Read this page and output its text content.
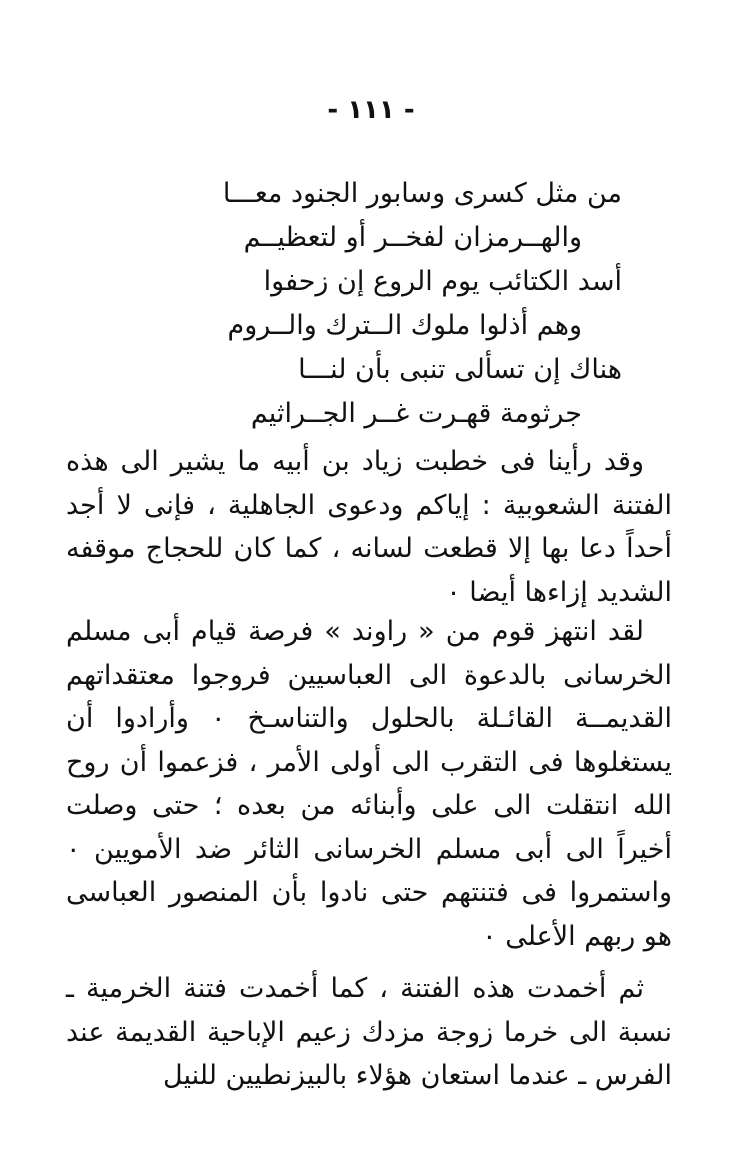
- ١١١ -
من مثل كسرى وسابور الجنود معـــا
والهــرمزان لفخــر أو لتعظيــم
أسد الكتائب يوم الروع إن زحفوا
وهم أذلوا ملوك الــترك والــروم
هناك إن تسألى تنبى بأن لنـــا
جرثومة قهـرت غــر الجــراثيم

وقد رأينا فى خطبت زياد بن أبيه ما يشير الى هذه الفتنة الشعوبية : إياكم ودعوى الجاهلية ، فإنى لا أجد أحداً دعا بها إلا قطعت لسانه ، كما كان للحجاج موقفه الشديد إزاءها أيضا ٠

لقد انتهز قوم من « راوند » فرصة قيام أبى مسلم الخرسانى بالدعوة الى العباسيين فروجوا معتقداتهم القديمــة القائـلة بالحلول والتناسـخ ٠ وأرادوا أن يستغلوها فى التقرب الى أولى الأمر ، فزعموا أن روح الله انتقلت الى على وأبنائه من بعده ؛ حتى وصلت أخيراً الى أبى مسلم الخرسانى الثائر ضد الأمويين ٠ واستمروا فى فتنتهم حتى نادوا بأن المنصور العباسى هو ربهم الأعلى ٠

ثم أخمدت هذه الفتنة ، كما أخمدت فتنة الخرمية ـ نسبة الى خرما زوجة مزدك زعيم الإباحية القديمة عند الفرس ـ عندما استعان هؤلاء بالبيزنطيين للنيل
